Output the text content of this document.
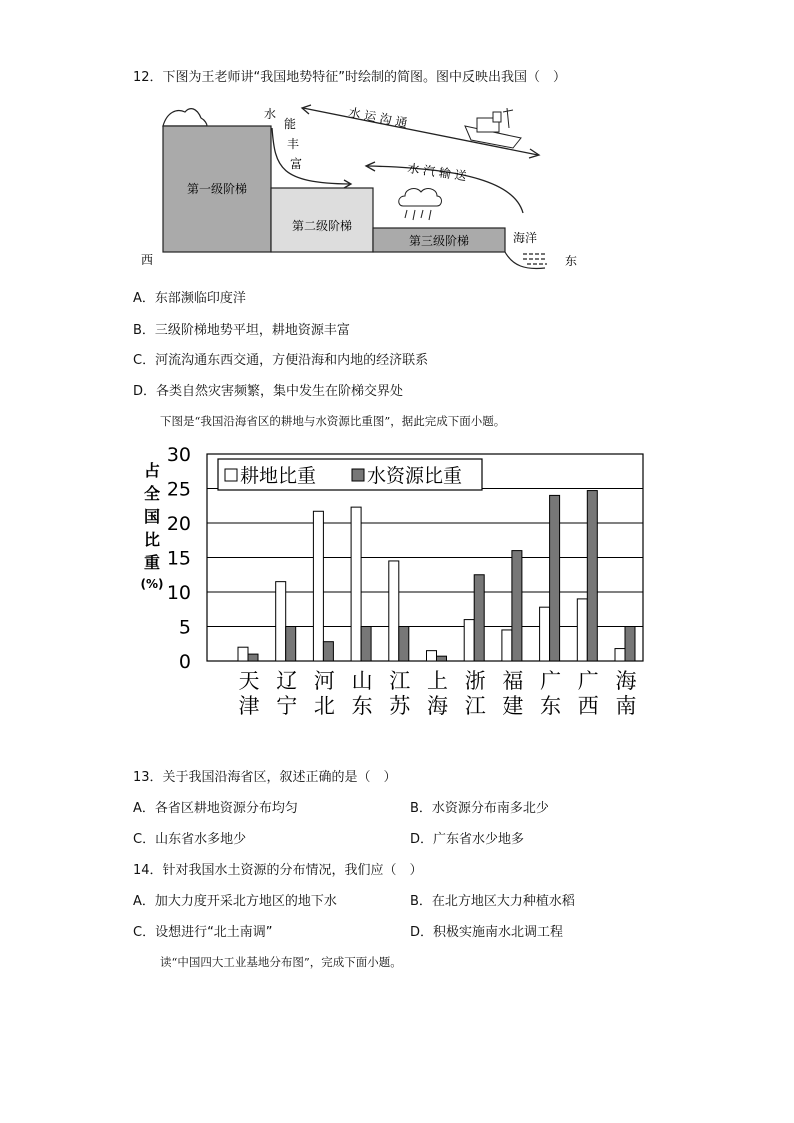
12．下图为王老师讲“我国地势特征”时绘制的简图。图中反映出我国（　）
第一级阶梯
第二级阶梯
第三级阶梯
水
能
丰
富
水 运 沟 通
水 汽 输 送
海洋
西	东
A．东部濒临印度洋
B．三级阶梯地势平坦，耕地资源丰富
C．河流沟通东西交通，方便沿海和内地的经济联系
D．各类自然灾害频繁，集中发生在阶梯交界处
下图是“我国沿海省区的耕地与水资源比重图”，据此完成下面小题。
占
全
国
比
重
(%)
0
5
10
15
20
25
30
天
津
辽
宁
河
北
山
东
江
苏
上
海
浙
江
福
建
广
东
广
西
海
南
耕地比重	水资源比重
13．关于我国沿海省区，叙述正确的是（　）
A．各省区耕地资源分布均匀	B．水资源分布南多北少
C．山东省水多地少	D．广东省水少地多
14．针对我国水土资源的分布情况，我们应（　）
A．加大力度开采北方地区的地下水	B．在北方地区大力种植水稻
C．设想进行“北土南调”	D．积极实施南水北调工程
读“中国四大工业基地分布图”，完成下面小题。
